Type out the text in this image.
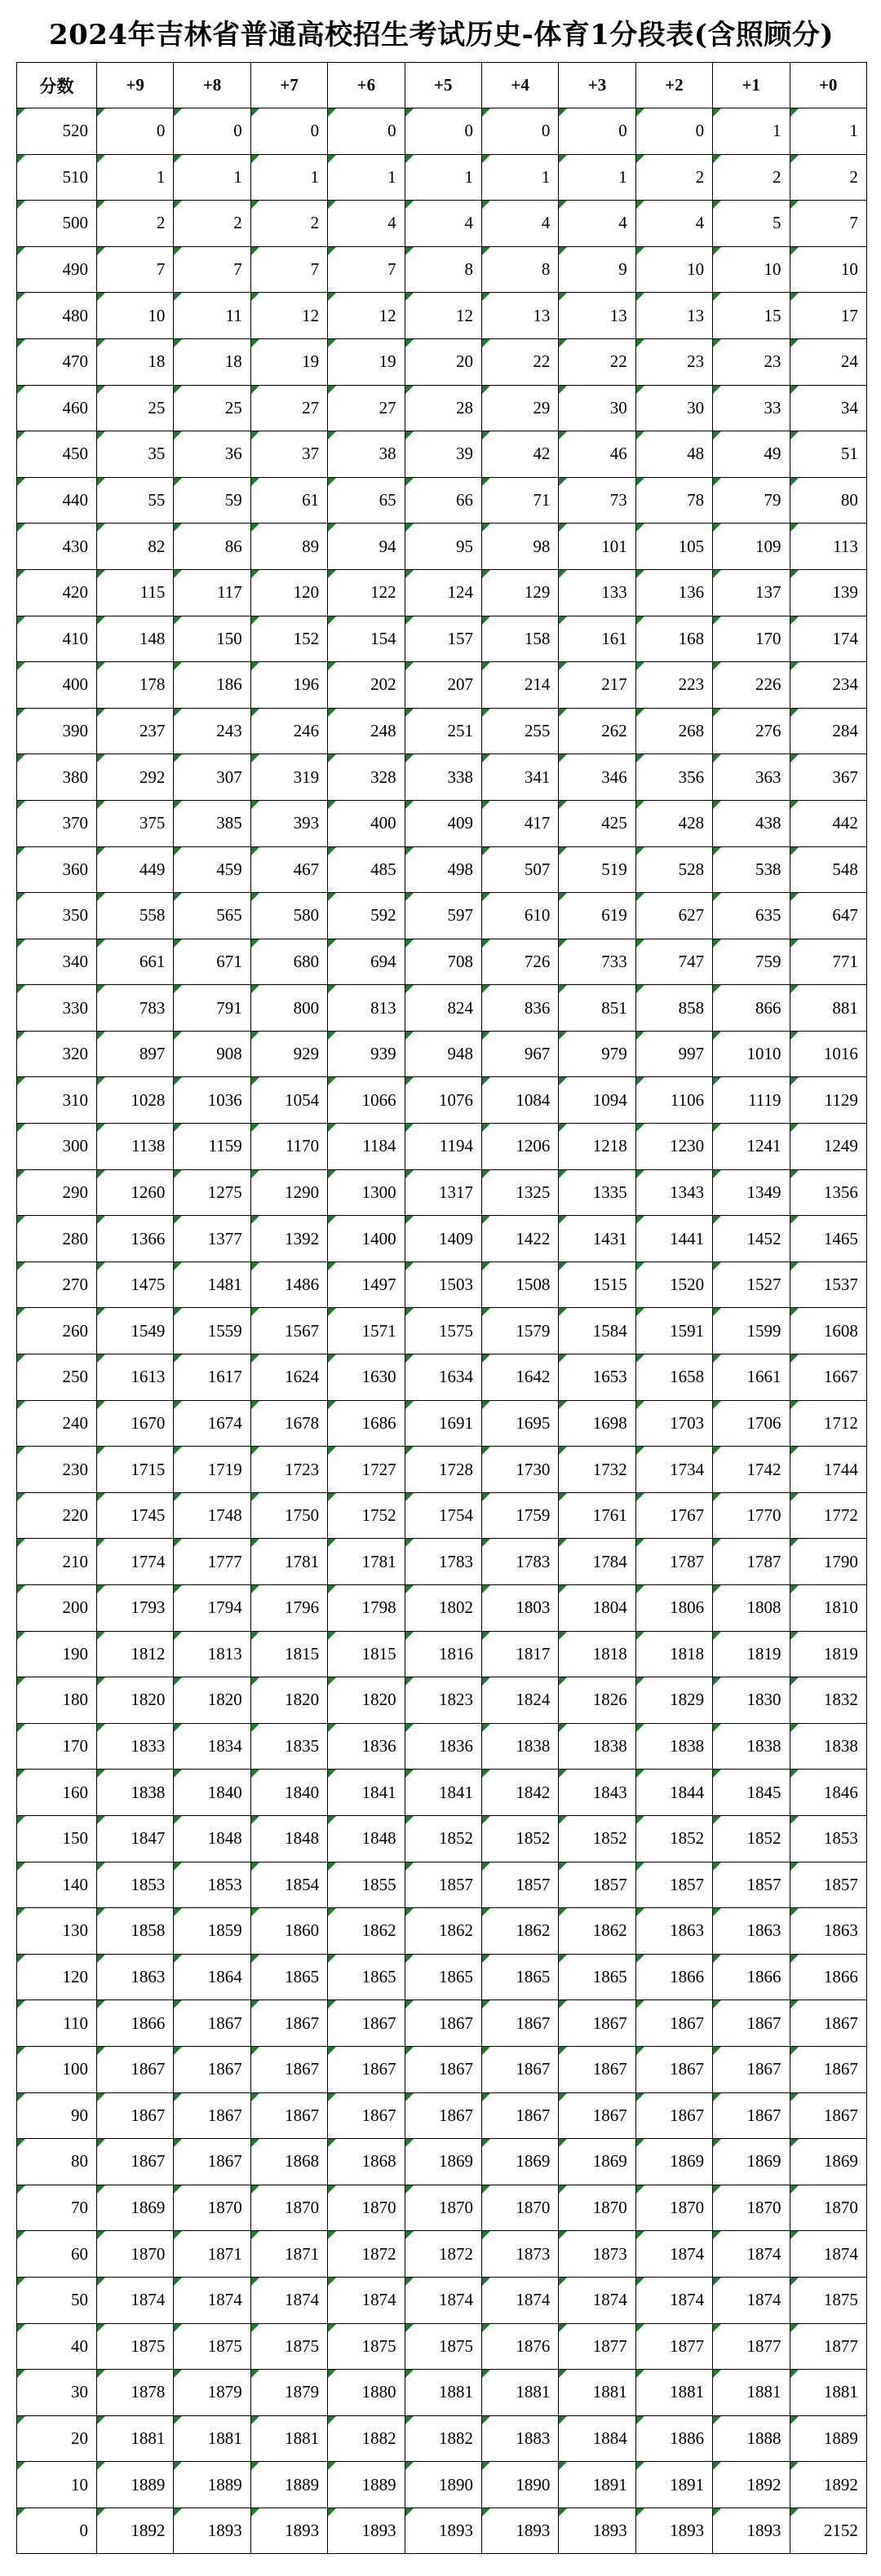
2024年吉林省普通高校招生考试历史-体育1分段表(含照顾分)
分数	+9	+8	+7	+6	+5	+4	+3	+2	+1	+0
520	0	0	0	0	0	0	0	0	1	1
510	1	1	1	1	1	1	1	2	2	2
500	2	2	2	4	4	4	4	4	5	7
490	7	7	7	7	8	8	9	10	10	10
480	10	11	12	12	12	13	13	13	15	17
470	18	18	19	19	20	22	22	23	23	24
460	25	25	27	27	28	29	30	30	33	34
450	35	36	37	38	39	42	46	48	49	51
440	55	59	61	65	66	71	73	78	79	80
430	82	86	89	94	95	98	101	105	109	113
420	115	117	120	122	124	129	133	136	137	139
410	148	150	152	154	157	158	161	168	170	174
400	178	186	196	202	207	214	217	223	226	234
390	237	243	246	248	251	255	262	268	276	284
380	292	307	319	328	338	341	346	356	363	367
370	375	385	393	400	409	417	425	428	438	442
360	449	459	467	485	498	507	519	528	538	548
350	558	565	580	592	597	610	619	627	635	647
340	661	671	680	694	708	726	733	747	759	771
330	783	791	800	813	824	836	851	858	866	881
320	897	908	929	939	948	967	979	997	1010	1016
310	1028	1036	1054	1066	1076	1084	1094	1106	1119	1129
300	1138	1159	1170	1184	1194	1206	1218	1230	1241	1249
290	1260	1275	1290	1300	1317	1325	1335	1343	1349	1356
280	1366	1377	1392	1400	1409	1422	1431	1441	1452	1465
270	1475	1481	1486	1497	1503	1508	1515	1520	1527	1537
260	1549	1559	1567	1571	1575	1579	1584	1591	1599	1608
250	1613	1617	1624	1630	1634	1642	1653	1658	1661	1667
240	1670	1674	1678	1686	1691	1695	1698	1703	1706	1712
230	1715	1719	1723	1727	1728	1730	1732	1734	1742	1744
220	1745	1748	1750	1752	1754	1759	1761	1767	1770	1772
210	1774	1777	1781	1781	1783	1783	1784	1787	1787	1790
200	1793	1794	1796	1798	1802	1803	1804	1806	1808	1810
190	1812	1813	1815	1815	1816	1817	1818	1818	1819	1819
180	1820	1820	1820	1820	1823	1824	1826	1829	1830	1832
170	1833	1834	1835	1836	1836	1838	1838	1838	1838	1838
160	1838	1840	1840	1841	1841	1842	1843	1844	1845	1846
150	1847	1848	1848	1848	1852	1852	1852	1852	1852	1853
140	1853	1853	1854	1855	1857	1857	1857	1857	1857	1857
130	1858	1859	1860	1862	1862	1862	1862	1863	1863	1863
120	1863	1864	1865	1865	1865	1865	1865	1866	1866	1866
110	1866	1867	1867	1867	1867	1867	1867	1867	1867	1867
100	1867	1867	1867	1867	1867	1867	1867	1867	1867	1867
90	1867	1867	1867	1867	1867	1867	1867	1867	1867	1867
80	1867	1867	1868	1868	1869	1869	1869	1869	1869	1869
70	1869	1870	1870	1870	1870	1870	1870	1870	1870	1870
60	1870	1871	1871	1872	1872	1873	1873	1874	1874	1874
50	1874	1874	1874	1874	1874	1874	1874	1874	1874	1875
40	1875	1875	1875	1875	1875	1876	1877	1877	1877	1877
30	1878	1879	1879	1880	1881	1881	1881	1881	1881	1881
20	1881	1881	1881	1882	1882	1883	1884	1886	1888	1889
10	1889	1889	1889	1889	1890	1890	1891	1891	1892	1892
0	1892	1893	1893	1893	1893	1893	1893	1893	1893	2152
